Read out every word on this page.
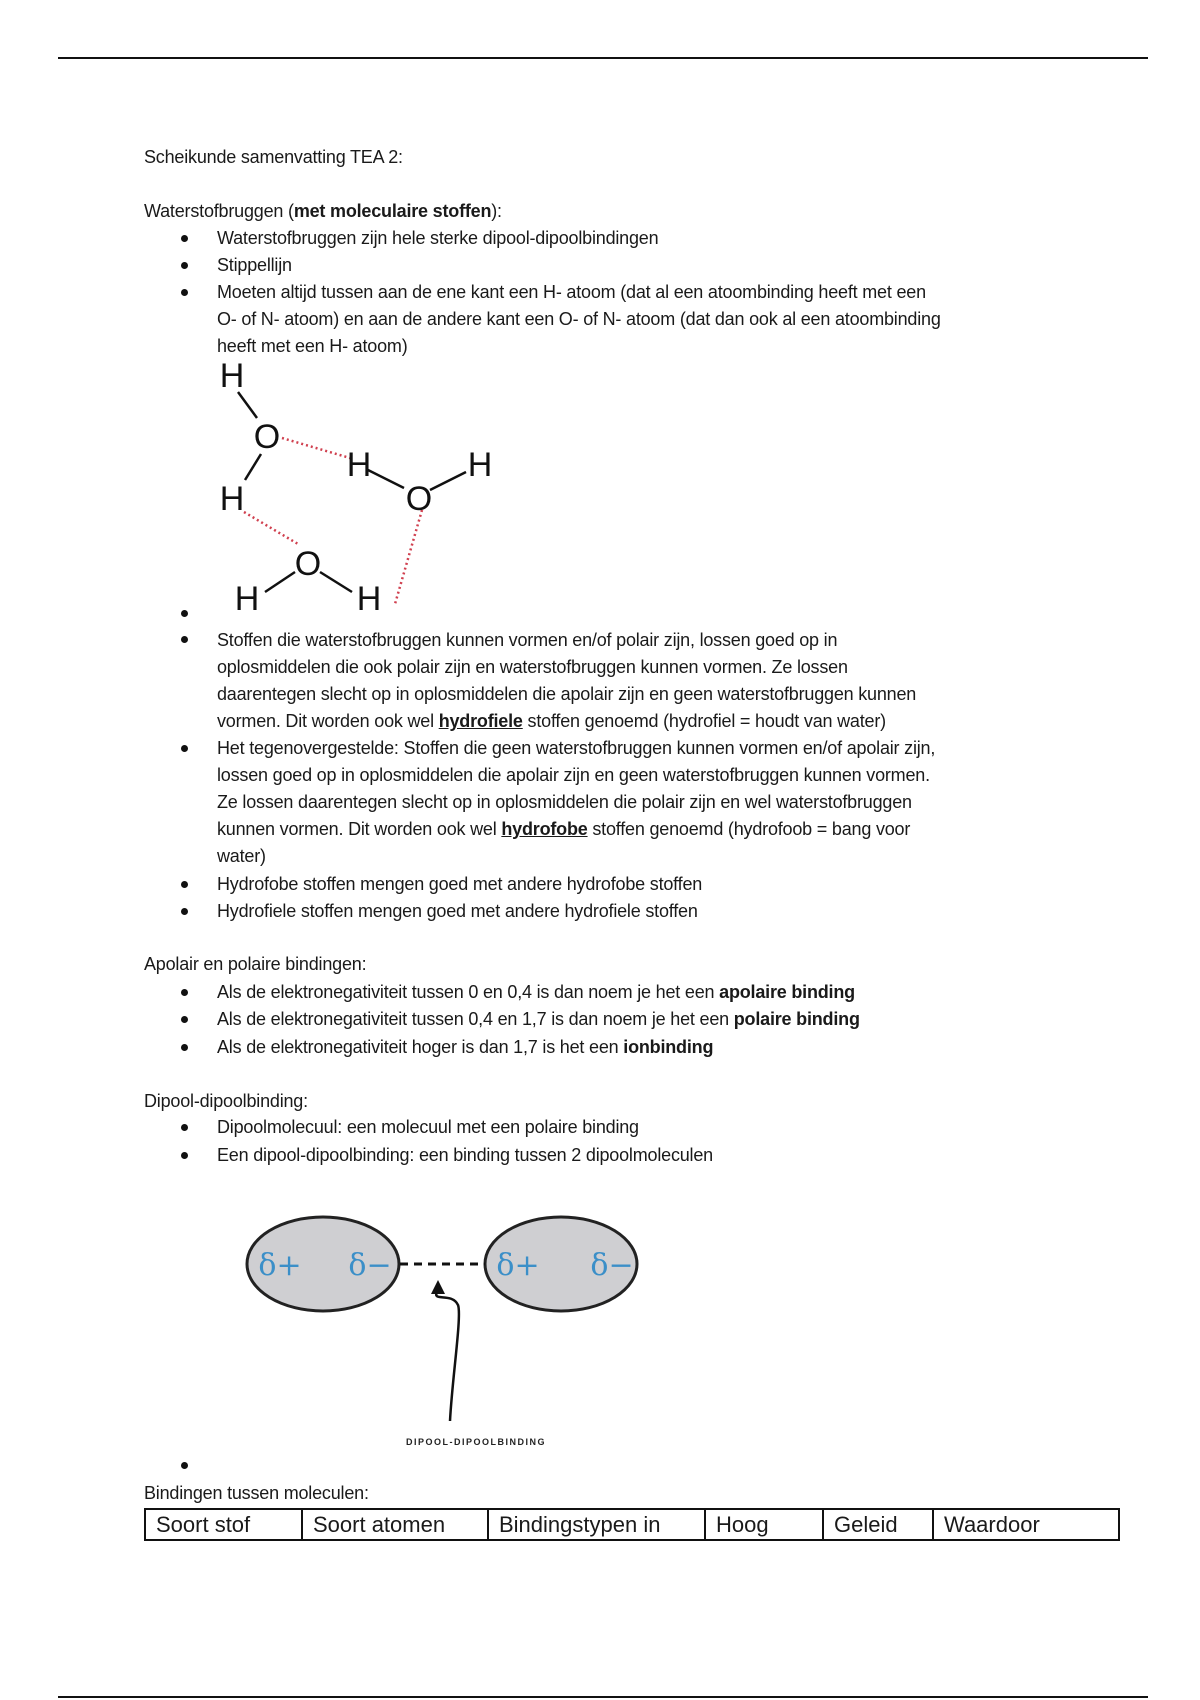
Scheikunde samenvatting TEA 2:
Waterstofbruggen (met moleculaire stoffen):
Waterstofbruggen zijn hele sterke dipool-dipoolbindingen
Stippellijn
Moeten altijd tussen aan de ene kant een H- atoom (dat al een atoombinding heeft met een
O- of N- atoom) en aan de andere kant een O- of N- atoom (dat dan ook al een atoombinding
heeft met een H- atoom)
H
O
H	H
O
H
O
H	H
Stoffen die waterstofbruggen kunnen vormen en/of polair zijn, lossen goed op in
oplosmiddelen die ook polair zijn en waterstofbruggen kunnen vormen. Ze lossen
daarentegen slecht op in oplosmiddelen die apolair zijn en geen waterstofbruggen kunnen
vormen. Dit worden ook wel hydrofiele stoffen genoemd (hydrofiel = houdt van water)
Het tegenovergestelde: Stoffen die geen waterstofbruggen kunnen vormen en/of apolair zijn,
lossen goed op in oplosmiddelen die apolair zijn en geen waterstofbruggen kunnen vormen.
Ze lossen daarentegen slecht op in oplosmiddelen die polair zijn en wel waterstofbruggen
kunnen vormen. Dit worden ook wel hydrofobe stoffen genoemd (hydrofoob = bang voor
water)
Hydrofobe stoffen mengen goed met andere hydrofobe stoffen
Hydrofiele stoffen mengen goed met andere hydrofiele stoffen
Apolair en polaire bindingen:
Als de elektronegativiteit tussen 0 en 0,4 is dan noem je het een apolaire binding
Als de elektronegativiteit tussen 0,4 en 1,7 is dan noem je het een polaire binding
Als de elektronegativiteit hoger is dan 1,7 is het een ionbinding
Dipool-dipoolbinding:
Dipoolmolecuul: een molecuul met een polaire binding
Een dipool-dipoolbinding: een binding tussen 2 dipoolmoleculen
δ+ δ−	δ+ δ−
DIPOOL-DIPOOLBINDING
Bindingen tussen moleculen:
Soort stof	Soort atomen	Bindingstypen in	Hoog	Geleid	Waardoor
